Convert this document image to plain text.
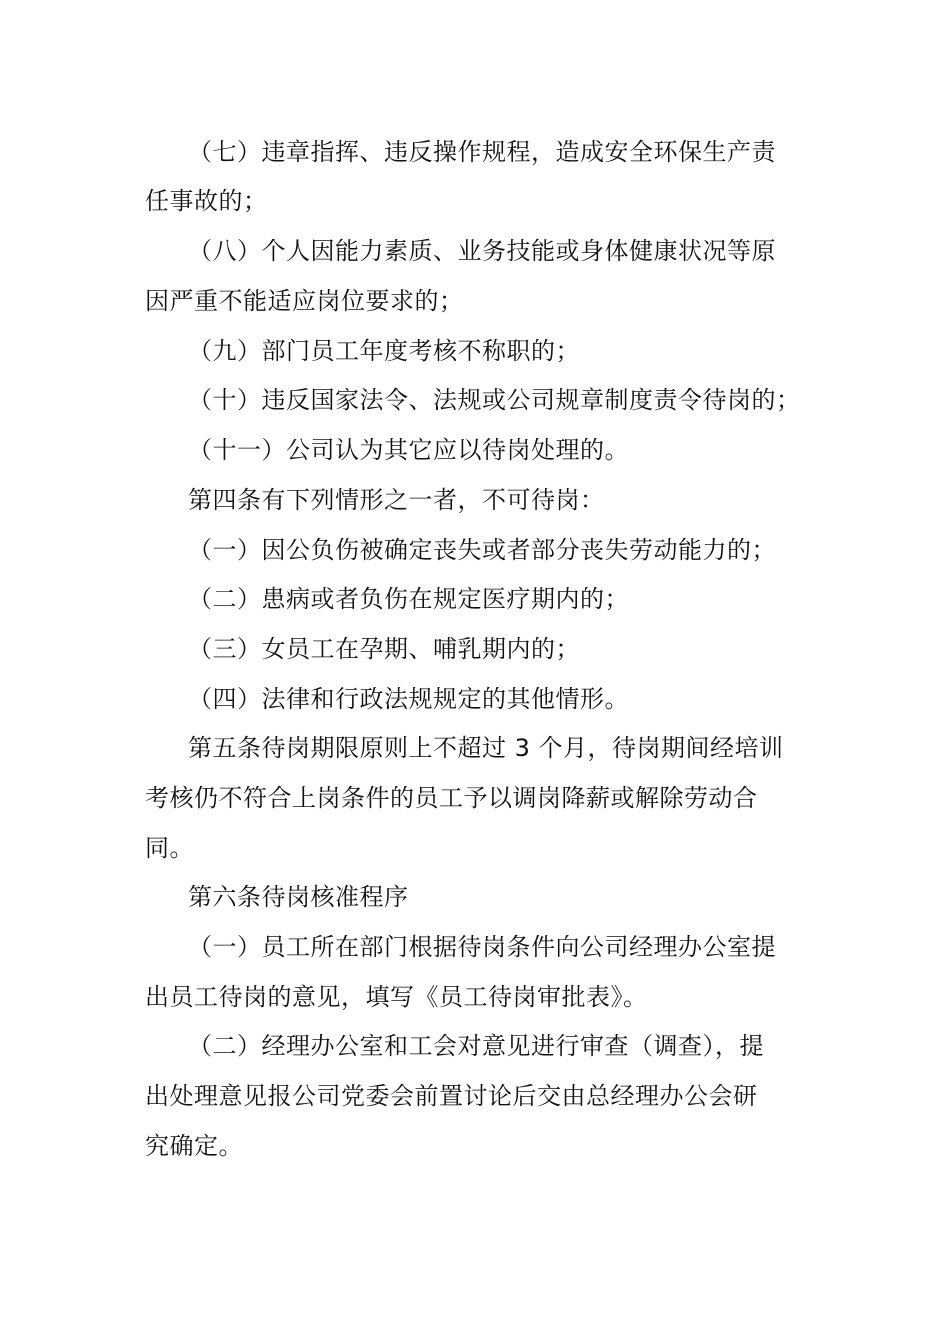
（七）违章指挥、违反操作规程，造成安全环保生产责
任事故的；
（八）个人因能力素质、业务技能或身体健康状况等原
因严重不能适应岗位要求的；
（九）部门员工年度考核不称职的；
（十）违反国家法令、法规或公司规章制度责令待岗的；
（十一）公司认为其它应以待岗处理的。
第四条有下列情形之一者，不可待岗：
（一）因公负伤被确定丧失或者部分丧失劳动能力的；
（二）患病或者负伤在规定医疗期内的；
（三）女员工在孕期、哺乳期内的；
（四）法律和行政法规规定的其他情形。
第五条待岗期限原则上不超过 3 个月，待岗期间经培训
考核仍不符合上岗条件的员工予以调岗降薪或解除劳动合
同。
第六条待岗核准程序
（一）员工所在部门根据待岗条件向公司经理办公室提
出员工待岗的意见，填写《员工待岗审批表》。
（二）经理办公室和工会对意见进行审查（调查），提
出处理意见报公司党委会前置讨论后交由总经理办公会研
究确定。
